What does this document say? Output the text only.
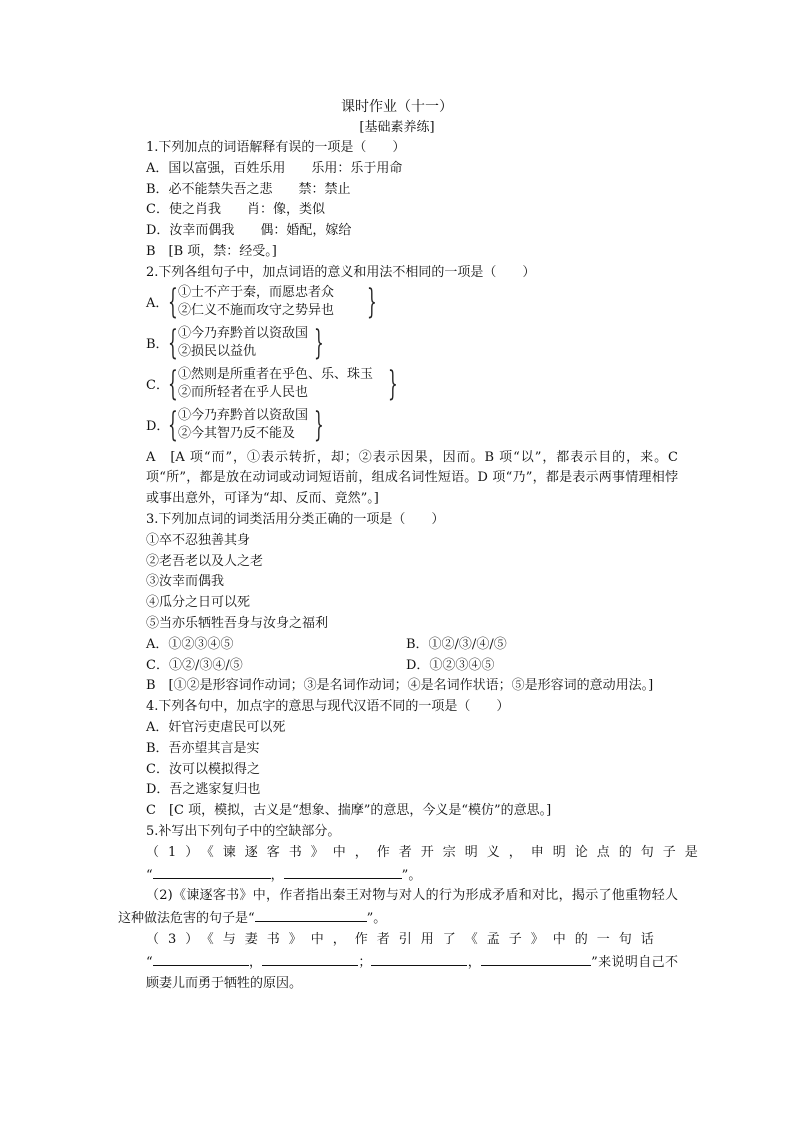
课时作业（十一）
[基础素养练]

1.下列加点的词语解释有误的一项是（　　）

A．国以富强，百姓乐用　　乐用：乐于用命

B．必不能禁失吾之悲　　禁：禁止

C．使之肖我　　肖：像，类似

D．汝幸而偶我　　偶：婚配，嫁给

B　[B 项，禁：经受。]

2.下列各组句子中，加点词语的意义和用法不相同的一项是（　　）

A． { ①士不产于秦，而愿忠者众
②仁义不施而攻守之势异也 }
B． { ①今乃弃黔首以资敌国
②损民以益仇 }
C． { ①然则是所重者在乎色、乐、珠玉
②而所轻者在乎人民也 }
D．
{ ①今乃弃黔首以资敌国
②今其智乃反不能及 }

A　[A 项“而”，①表示转折，却；②表示因果，因而。B 项“以”，都表示目的，来。C 项“所”，都是放在动词或动词短语前，组成名词性短语。D 项“乃”，都是表示两事情理相悖或事出意外，可译为“却、反而、竟然”。]

3.下列加点词的词类活用分类正确的一项是（　　）

①卒不忍独善其身

②老吾老以及人之老

③汝幸而偶我

④瓜分之日可以死

⑤当亦乐牺牲吾身与汝身之福利

A．①②③④⑤	B．①②/③/④/⑤
C．①②/③④/⑤	D．①②③④⑤

B　[①②是形容词作动词；③是名词作动词；④是名词作状语；⑤是形容词的意动用法。]

4.下列各句中，加点字的意思与现代汉语不同的一项是（　　）

A．奸官污吏虐民可以死

B．吾亦望其言是实

C．汝可以模拟得之

D．吾之逃家复归也

C　[C 项，模拟，古义是“想象、揣摩”的意思，今义是“模仿”的意思。]

5.补写出下列句子中的空缺部分。

（1）《谏逐客书》中，作者开宗明义，申明论点的句子是

“	，	”。

（2)《谏逐客书》中，作者指出秦王对物与对人的行为形成矛盾和对比，揭示了他重物轻人这种做法危害的句子是“	”。

（3）《与妻书》中，作者引用了《孟子》中的一句话

“	，	；	，	”来说明自己不顾妻儿而勇于牺牲的原因。
